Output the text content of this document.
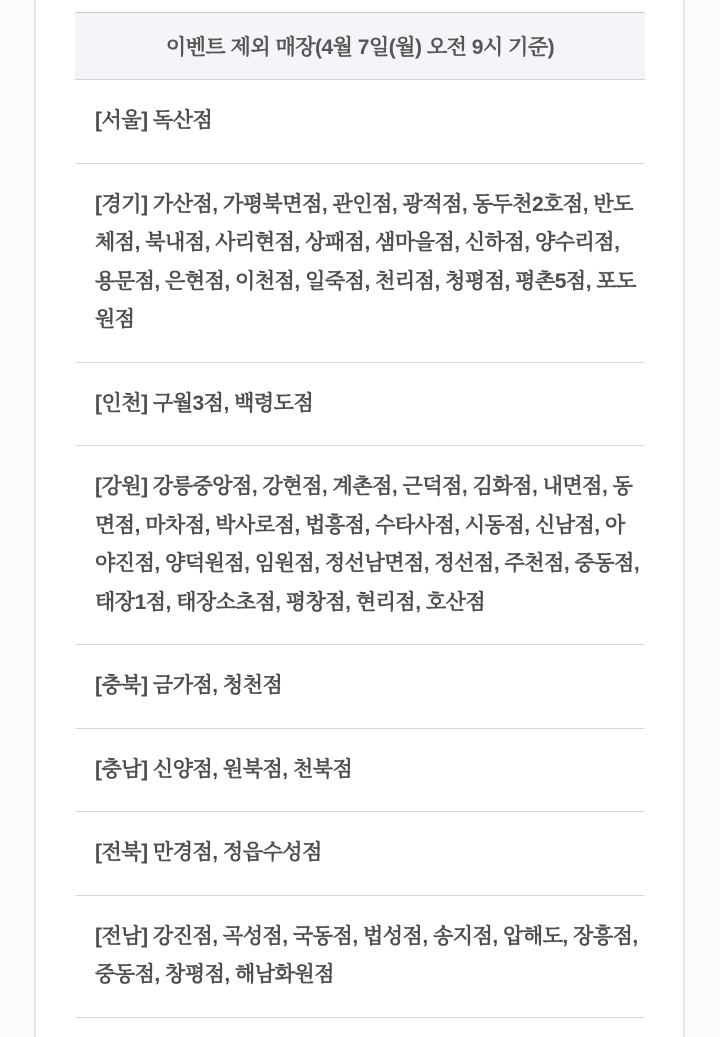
이벤트 제외 매장(4월 7일(월) 오전 9시 기준)
[서울] 독산점
[경기] 가산점, 가평북면점, 관인점, 광적점, 동두천2호점, 반도체점, 북내점, 사리현점, 상패점, 샘마을점, 신하점, 양수리점, 용문점, 은현점, 이천점, 일죽점, 천리점, 청평점, 평촌5점, 포도원점
[인천] 구월3점, 백령도점
[강원] 강릉중앙점, 강현점, 계촌점, 근덕점, 김화점, 내면점, 동면점, 마차점, 박사로점, 법흥점, 수타사점, 시동점, 신남점, 아야진점, 양덕원점, 임원점, 정선남면점, 정선점, 주천점, 중동점, 태장1점, 태장소초점, 평창점, 현리점, 호산점
[충북] 금가점, 청천점
[충남] 신양점, 원북점, 천북점
[전북] 만경점, 정읍수성점
[전남] 강진점, 곡성점, 국동점, 법성점, 송지점, 압해도, 장흥점, 중동점, 창평점, 해남화원점
